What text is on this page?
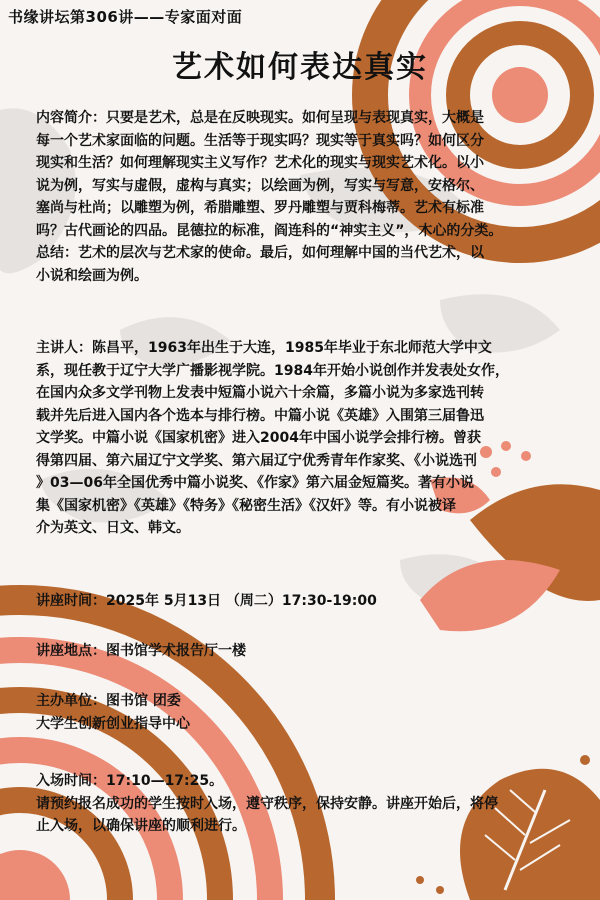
书缘讲坛第306讲——专家面对面
艺术如何表达真实
内容简介：只要是艺术，总是在反映现实。如何呈现与表现真实，大概是
每一个艺术家面临的问题。生活等于现实吗？现实等于真实吗？如何区分
现实和生活？如何理解现实主义写作？艺术化的现实与现实艺术化。以小
说为例，写实与虚假，虚构与真实；以绘画为例，写实与写意，安格尔、
塞尚与杜尚；以雕塑为例，希腊雕塑、罗丹雕塑与贾科梅蒂。艺术有标准
吗？古代画论的四品。昆德拉的标准，阎连科的“神实主义”，木心的分类。
总结：艺术的层次与艺术家的使命。最后，如何理解中国的当代艺术，以
小说和绘画为例。
主讲人：陈昌平，1963年出生于大连，1985年毕业于东北师范大学中文
系，现任教于辽宁大学广播影视学院。1984年开始小说创作并发表处女作，
在国内众多文学刊物上发表中短篇小说六十余篇，多篇小说为多家选刊转
载并先后进入国内各个选本与排行榜。中篇小说《英雄》入围第三届鲁迅
文学奖。中篇小说《国家机密》进入2004年中国小说学会排行榜。曾获
得第四届、第六届辽宁文学奖、第六届辽宁优秀青年作家奖、《小说选刊
》03—06年全国优秀中篇小说奖、《作家》第六届金短篇奖。著有小说
集《国家机密》《英雄》《特务》《秘密生活》《汉奸》等。有小说被译
介为英文、日文、韩文。
讲座时间：2025年 5月13日 （周二）17:30-19:00
讲座地点：图书馆学术报告厅一楼
主办单位：图书馆 团委
大学生创新创业指导中心
入场时间：17:10—17:25。
请预约报名成功的学生按时入场，遵守秩序，保持安静。讲座开始后，将停
止入场，以确保讲座的顺利进行。
